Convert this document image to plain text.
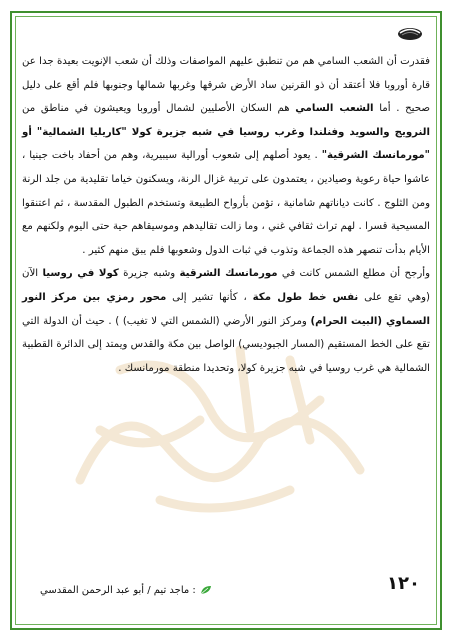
فقدرت أن الشعب السامي هم من تنطبق عليهم المواصفات وذلك أن شعب الإنويت بعيدة جدا عن قارة أوروبا فلا أعتقد أن ذو القرنين ساد الأرض شرقها وغربها شمالها وجنوبها فلم أقع على دليل صحيح . أما الشعب السامي هم السكان الأصليين لشمال أوروبا ويعيشون في مناطق من النرويج والسويد وفنلندا وغرب روسيا في شبه جزيرة كولا "كاريليا الشمالية" أو "مورمانسك الشرقية" . يعود أصلهم إلى شعوب أورالية سيبيرية، وهم من أحفاد باخت جينيا ، عاشوا حياة رعوية وصيادين ، يعتمدون على تربية غزال الرنة، ويسكنون خياما تقليدية من جلد الرنة ومن الثلوج . كانت دياناتهم شامانية ، تؤمن بأرواح الطبيعة وتستخدم الطبول المقدسة ، ثم اعتنقوا المسيحية قسرا . لهم تراث ثقافي غني ، وما زالت تقاليدهم وموسيقاهم حية حتى اليوم ولكنهم مع الأيام بدأت تنصهر هذه الجماعة وتذوب في ثبات الدول وشعوبها فلم يبق منهم كثير .

وأرجح أن مطلع الشمس كانت في مورمانسك الشرقية وشبه جزيرة كولا في روسيا الآن (وهي تقع على نفس خط طول مكة ، كأنها تشير إلى محور رمزي بين مركز النور السماوي (البيت الحرام) ومركز النور الأرضي (الشمس التي لا تغيب) ) . حيث أن الدولة التي تقع على الخط المستقيم (المسار الجيوديسي) الواصل بين مكة والقدس ويمتد إلى الدائرة القطبية الشمالية هي غرب روسيا في شبه جزيرة كولا، وتحديدا منطقة مورمانسك .

١٢٠
: ماجد تيم / أبو عبد الرحمن المقدسي
